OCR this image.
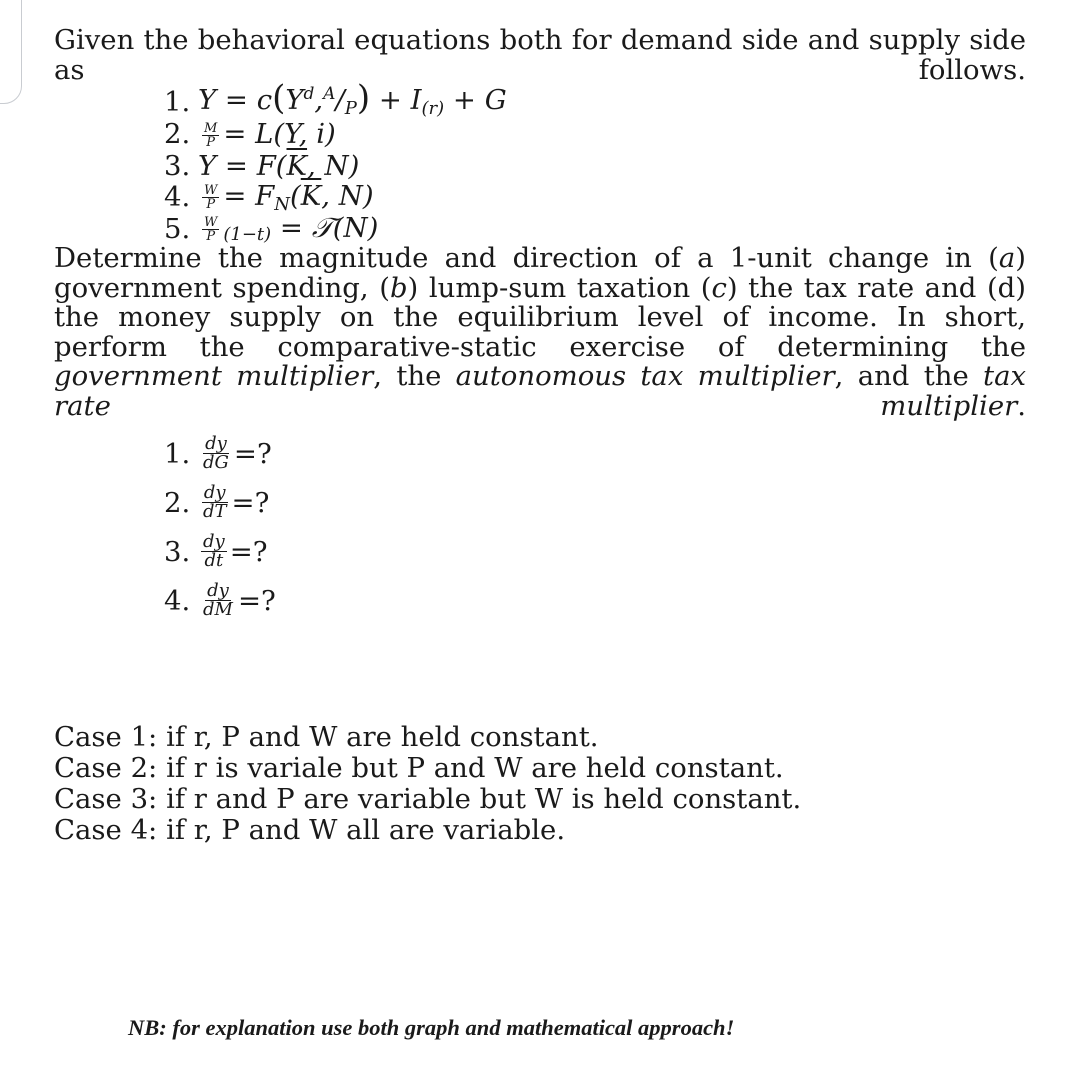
Given the behavioral equations both for demand side and supply side as follows.

1. $Y = c(Y^d,^A/_P) + I_{(r)} + G$
2. $\frac{M}{P} = L(Y$, i)
3. $Y = F(\overline{K}$, N)
4. $\frac{W}{P} = F_N(\overline{K}$, N)
5. $\frac{W}{P} (1-t)$ = 𝒯(N)

Determine the magnitude and direction of a 1-unit change in (a) government spending, (b) lump-sum taxation (c) the tax rate and (d) the money supply on the equilibrium level of income. In short, perform the comparative-static exercise of determining the government multiplier, the autonomous tax multiplier, and the tax rate multiplier.

1. $\frac{dy}{dG}$ =?
2. $\frac{dy}{dT}$ =?
3. $\frac{dy}{dt}$ =?
4. $\frac{dy}{dM}$ =?
Case 1: if r, P and W are held constant.
Case 2: if r is variale but P and W are held constant.
Case 3: if r and P are variable but W is held constant.
Case 4: if r, P and W all are variable.
NB: for explanation use both graph and mathematical approach!
